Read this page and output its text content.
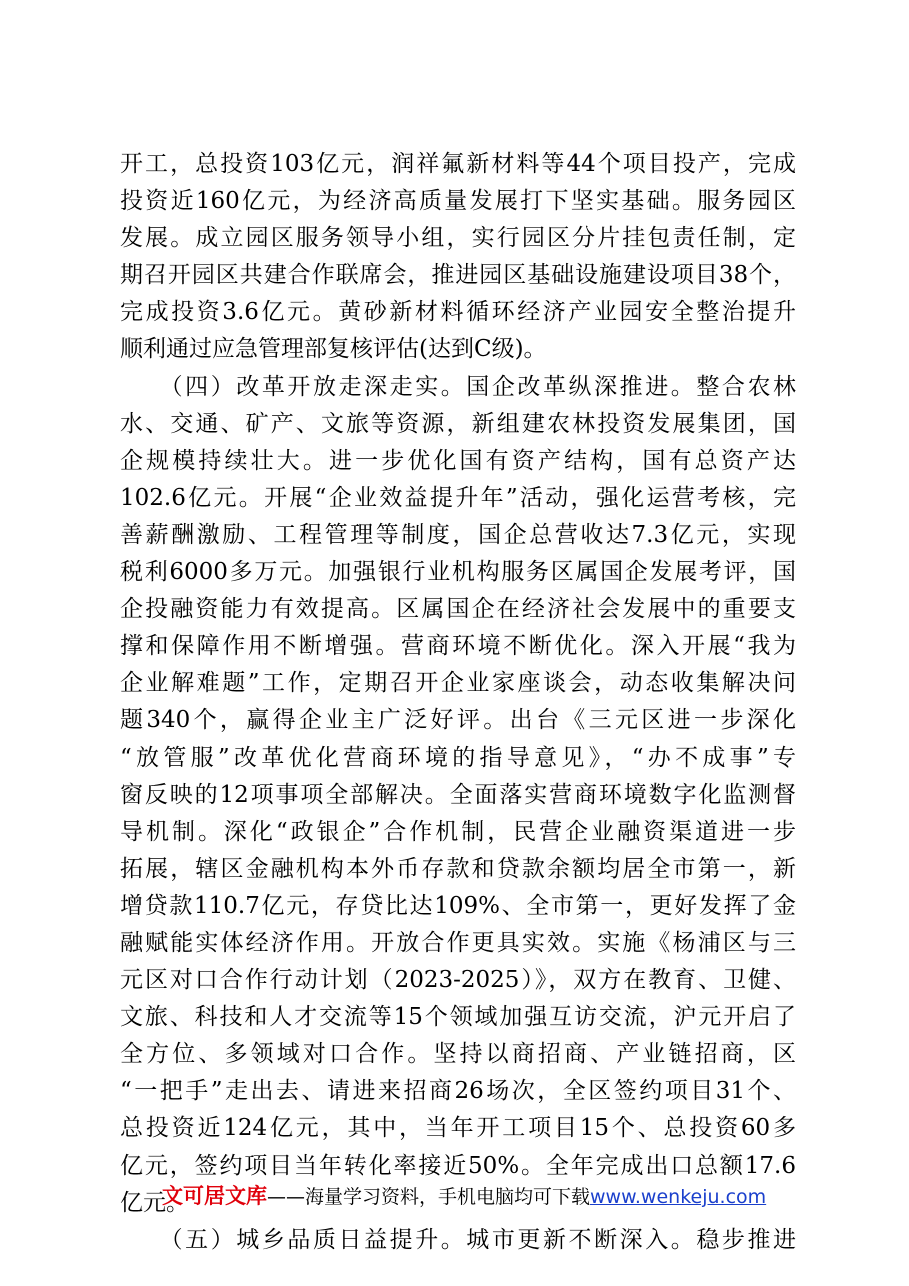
开工，总投资103亿元，润祥氟新材料等44个项目投产，完成
投资近160亿元，为经济高质量发展打下坚实基础。服务园区
发展。成立园区服务领导小组，实行园区分片挂包责任制，定
期召开园区共建合作联席会，推进园区基础设施建设项目38个，
完成投资3.6亿元。黄砂新材料循环经济产业园安全整治提升
顺利通过应急管理部复核评估(达到C级)。
　　（四）改革开放走深走实。国企改革纵深推进。整合农林
水、交通、矿产、文旅等资源，新组建农林投资发展集团，国
企规模持续壮大。进一步优化国有资产结构，国有总资产达
102.6亿元。开展“企业效益提升年”活动，强化运营考核，完
善薪酬激励、工程管理等制度，国企总营收达7.3亿元，实现
税利6000多万元。加强银行业机构服务区属国企发展考评，国
企投融资能力有效提高。区属国企在经济社会发展中的重要支
撑和保障作用不断增强。营商环境不断优化。深入开展“我为
企业解难题”工作，定期召开企业家座谈会，动态收集解决问
题340个，赢得企业主广泛好评。出台《三元区进一步深化
“放管服”改革优化营商环境的指导意见》，“办不成事”专
窗反映的12项事项全部解决。全面落实营商环境数字化监测督
导机制。深化“政银企”合作机制，民营企业融资渠道进一步
拓展，辖区金融机构本外币存款和贷款余额均居全市第一，新
增贷款110.7亿元，存贷比达109%、全市第一，更好发挥了金
融赋能实体经济作用。开放合作更具实效。实施《杨浦区与三
元区对口合作行动计划（2023-2025）》，双方在教育、卫健、
文旅、科技和人才交流等15个领域加强互访交流，沪元开启了
全方位、多领域对口合作。坚持以商招商、产业链招商，区
“一把手”走出去、请进来招商26场次，全区签约项目31个、
总投资近124亿元，其中，当年开工项目15个、总投资60多
亿元，签约项目当年转化率接近50%。全年完成出口总额17.6
亿元。
　　（五）城乡品质日益提升。城市更新不断深入。稳步推进
文可居文库——海量学习资料，手机电脑均可下载www.wenkeju.com
